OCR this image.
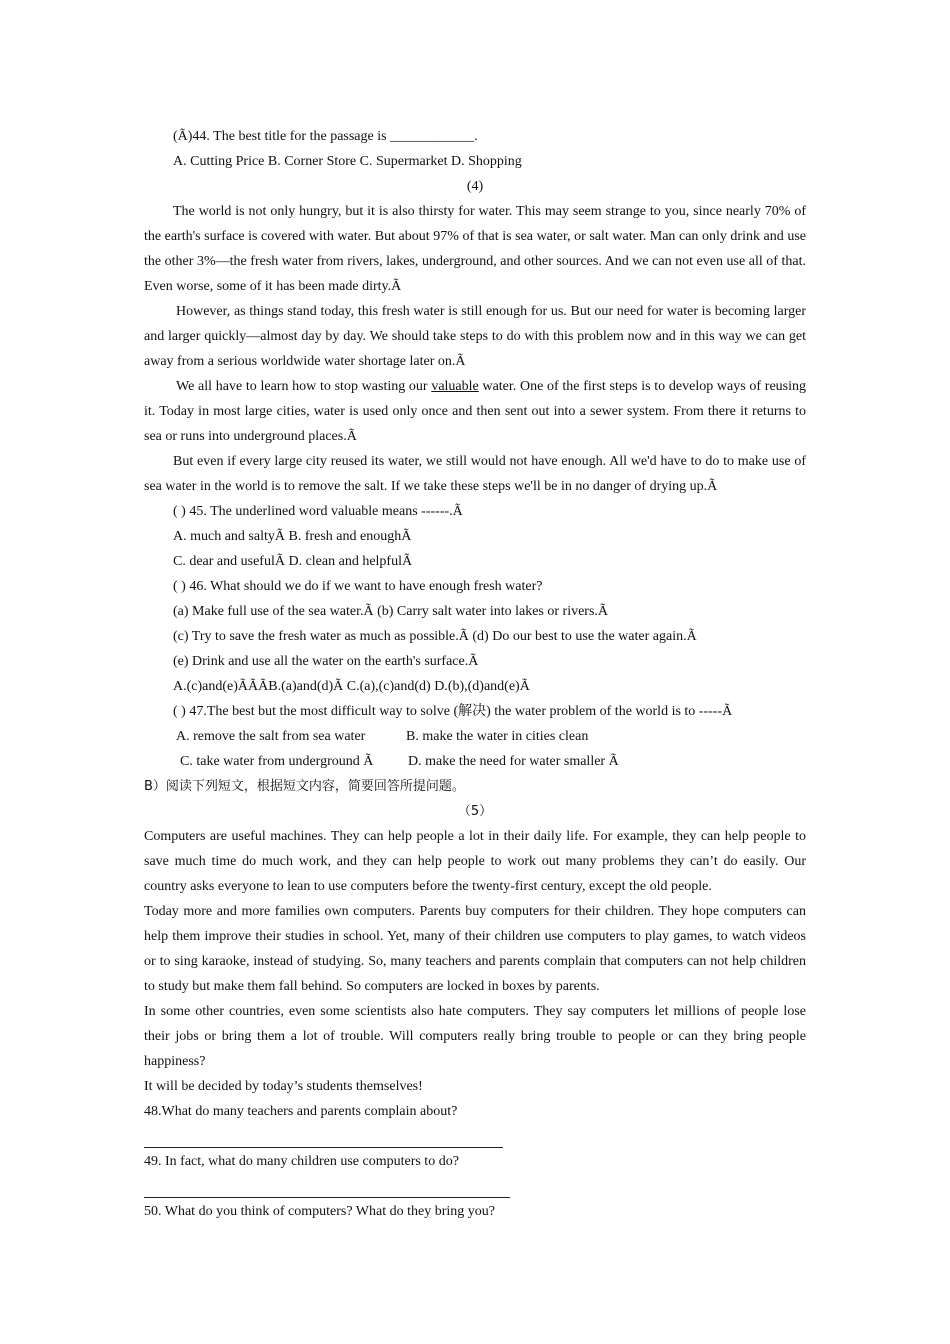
(Ã)44. The best title for the passage is ____________.
A. Cutting Price B. Corner Store C. Supermarket D. Shopping
(4)

The world is not only hungry, but it is also thirsty for water. This may seem strange to you, since nearly 70% of the earth's surface is covered with water. But about 97% of that is sea water, or salt water. Man can only drink and use the other 3%—the fresh water from rivers, lakes, underground, and other sources. And we can not even use all of that. Even worse, some of it has been made dirty.Ã

However, as things stand today, this fresh water is still enough for us. But our need for water is becoming larger and larger quickly—almost day by day. We should take steps to do with this problem now and in this way we can get away from a serious worldwide water shortage later on.Ã

We all have to learn how to stop wasting our valuable water. One of the first steps is to develop ways of reusing it. Today in most large cities, water is used only once and then sent out into a sewer system. From there it returns to sea or runs into underground places.Ã

But even if every large city reused its water, we still would not have enough. All we'd have to do to make use of sea water in the world is to remove the salt. If we take these steps we'll be in no danger of drying up.Ã

( ) 45. The underlined word valuable means ------.Ã
A. much and saltyÃ B. fresh and enoughÃ
C. dear and usefulÃ D. clean and helpfulÃ
( ) 46. What should we do if we want to have enough fresh water?
(a) Make full use of the sea water.Ã (b) Carry salt water into lakes or rivers.Ã
(c) Try to save the fresh water as much as possible.Ã (d) Do our best to use the water again.Ã
(e) Drink and use all the water on the earth's surface.Ã
A.(c)and(e)ÃÃÃB.(a)and(d)Ã C.(a),(c)and(d) D.(b),(d)and(e)Ã
( ) 47.The best but the most difficult way to solve (解决) the water problem of the world is to -----Ã
A. remove the salt from sea water	B. make the water in cities clean
C. take water from underground Ã D. make the need for water smaller Ã
B）阅读下列短文，根据短文内容，简要回答所提问题。
（5）

Computers are useful machines. They can help people a lot in their daily life. For example, they can help people to save much time do much work, and they can help people to work out many problems they can’t do easily. Our country asks everyone to lean to use computers before the twenty-first century, except the old people.

Today more and more families own computers. Parents buy computers for their children. They hope computers can help them improve their studies in school. Yet, many of their children use computers to play games, to watch videos or to sing karaoke, instead of studying. So, many teachers and parents complain that computers can not help children to study but make them fall behind. So computers are locked in boxes by parents.

In some other countries, even some scientists also hate computers. They say computers let millions of people lose their jobs or bring them a lot of trouble. Will computers really bring trouble to people or can they bring people happiness?

It will be decided by today’s students themselves!
48.What do many teachers and parents complain about?
49. In fact, what do many children use computers to do?
50. What do you think of computers? What do they bring you?
